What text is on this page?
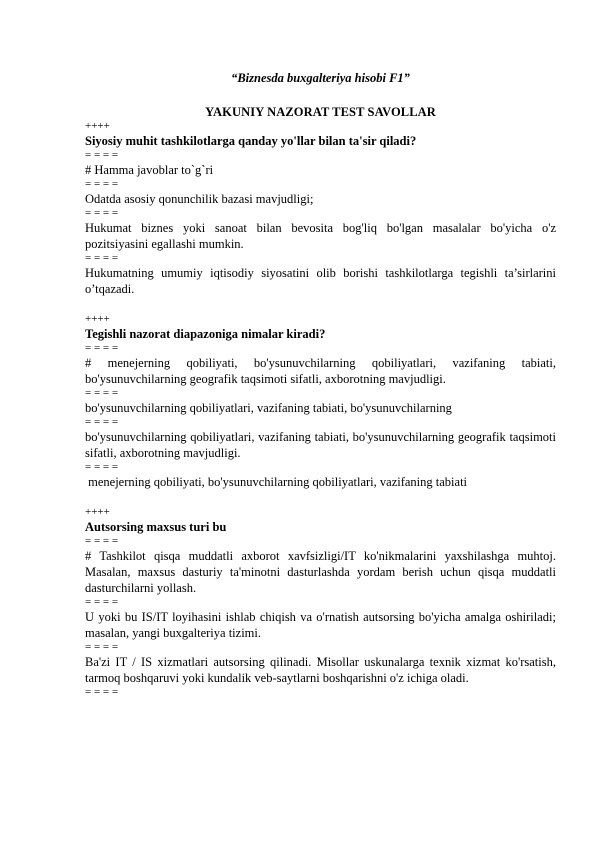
“Biznesda buxgalteriya hisobi F1”

YAKUNIY NAZORAT TEST SAVOLLAR

++++
Siyosiy muhit tashkilotlarga qanday yo'llar bilan ta'sir qiladi?
= = = =
# Hamma javoblar to`g`ri
= = = =
Odatda asosiy qonunchilik bazasi mavjudligi;
= = = =
Hukumat biznes yoki sanoat bilan bevosita bog'liq bo'lgan masalalar bo'yicha o'z pozitsiyasini egallashi mumkin.
= = = =
Hukumatning umumiy iqtisodiy siyosatini olib borishi tashkilotlarga tegishli ta’sirlarini o’tqazadi.
++++
Tegishli nazorat diapazoniga nimalar kiradi?
= = = =
# menejerning qobiliyati, bo'ysunuvchilarning qobiliyatlari, vazifaning tabiati, bo'ysunuvchilarning geografik taqsimoti sifatli, axborotning mavjudligi.
= = = =
bo'ysunuvchilarning qobiliyatlari, vazifaning tabiati, bo'ysunuvchilarning
= = = =
bo'ysunuvchilarning qobiliyatlari, vazifaning tabiati, bo'ysunuvchilarning geografik taqsimoti sifatli, axborotning mavjudligi.
= = = =
menejerning qobiliyati, bo'ysunuvchilarning qobiliyatlari, vazifaning tabiati
++++
Autsorsing maxsus turi bu
= = = =
# Tashkilot qisqa muddatli axborot xavfsizligi/IT ko'nikmalarini yaxshilashga muhtoj. Masalan, maxsus dasturiy ta'minotni dasturlashda yordam berish uchun qisqa muddatli dasturchilarni yollash.
= = = =
U yoki bu IS/IT loyihasini ishlab chiqish va o'rnatish autsorsing bo'yicha amalga oshiriladi; masalan, yangi buxgalteriya tizimi.
= = = =
Ba'zi IT / IS xizmatlari autsorsing qilinadi. Misollar uskunalarga texnik xizmat ko'rsatish, tarmoq boshqaruvi yoki kundalik veb-saytlarni boshqarishni o'z ichiga oladi.
= = = =
